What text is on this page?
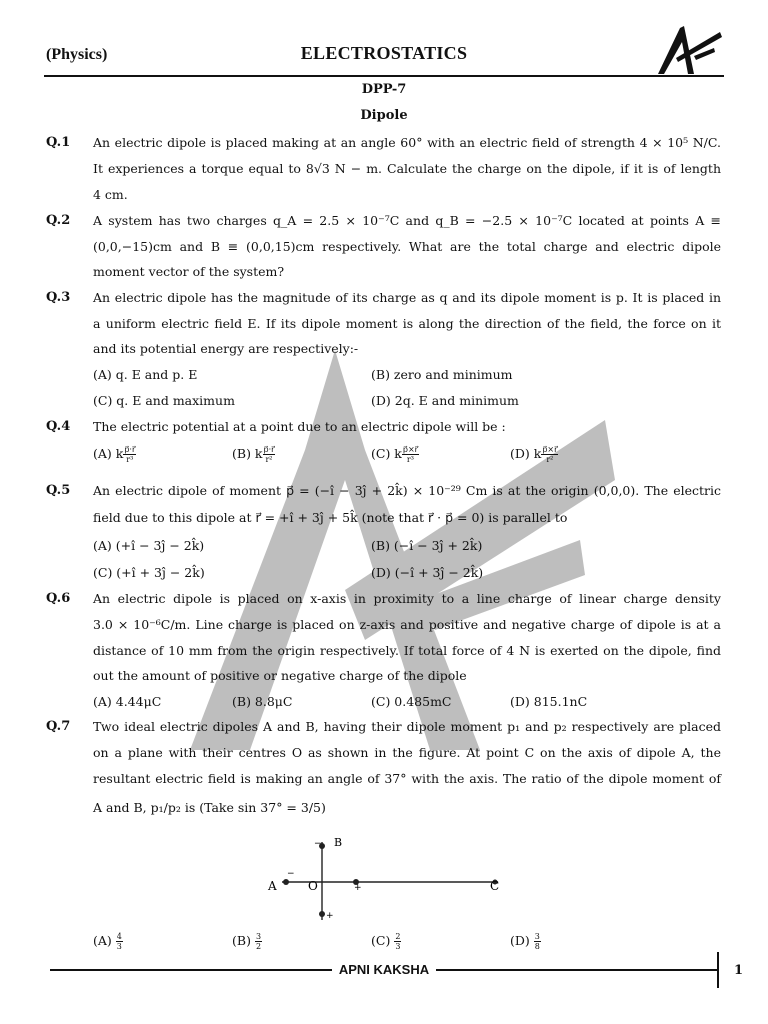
(Physics)	ELECTROSTATICS
DPP-7
Dipole
Q.1 An electric dipole is placed making at an angle 60° with an electric field of strength 4 × 10⁵ N/C.
It experiences a torque equal to 8√3 N − m. Calculate the charge on the dipole, if it is of length
4 cm.
Q.2 A system has two charges q_A = 2.5 × 10⁻⁷C and q_B = −2.5 × 10⁻⁷C located at points A ≡
(0,0,−15)cm and B ≡ (0,0,15)cm respectively. What are the total charge and electric dipole
moment vector of the system?
Q.3 An electric dipole has the magnitude of its charge as q and its dipole moment is p. It is placed in
a uniform electric field E. If its dipole moment is along the direction of the field, the force on it
and its potential energy are respectively:-
(A) q. E and p. E	(B) zero and minimum
(C) q. E and maximum	(D) 2q. E and minimum
Q.4 The electric potential at a point due to an electric dipole will be :
(A) k $\frac{p⃗\cdot r⃗}{\text{r³}}$	(B) k $\frac{p⃗\cdot r⃗}{\text{r²}}$	(C) k $\frac{p⃗\times r⃗}{\text{r³}}$	(D) k $\frac{p⃗\times r⃗}{\text{r²}}$
Q.5 An electric dipole of moment p⃗ = (−î − 3ĵ + 2k̂) × 10⁻²⁹ Cm is at the origin (0,0,0). The electric
field due to this dipole at r⃗ = +î + 3ĵ + 5k̂ (note that r⃗ · p⃗ = 0) is parallel to
(A) (+î − 3ĵ − 2k̂)	(B) (−î − 3ĵ + 2k̂)
(C) (+î + 3ĵ − 2k̂)	(D) (−î + 3ĵ − 2k̂)
Q.6 An electric dipole is placed on x-axis in proximity to a line charge of linear charge density
3.0 × 10⁻⁶C/m. Line charge is placed on z-axis and positive and negative charge of dipole is at a
distance of 10 mm from the origin respectively. If total force of 4 N is exerted on the dipole, find
out the amount of positive or negative charge of the dipole
(A) 4.44μC	(B) 8.8μC	(C) 0.485mC	(D) 815.1nC
Q.7 Two ideal electric dipoles A and B, having their dipole moment p₁ and p₂ respectively are placed
on a plane with their centres O as shown in the figure. At point C on the axis of dipole A, the
resultant electric field is making an angle of 37° with the axis. The ratio of the dipole moment of
A and B, p₁/p₂ is (Take sin 37° = 3/5)
A	O
B
C
−
+
−
+
$(A) \frac{4}{3}$	$(B) \frac{3}{2}$	$(C) \frac{2}{3}$	$(D) \frac{3}{8}$
APNI KAKSHA	1
